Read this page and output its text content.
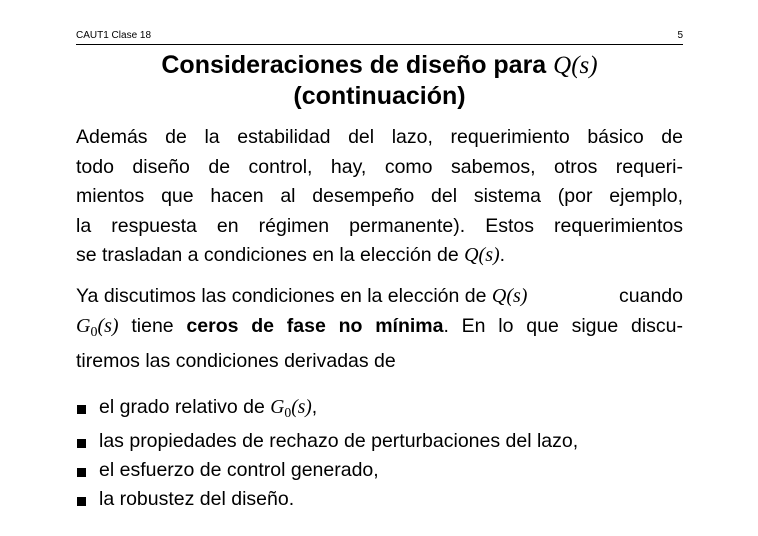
CAUT1 Clase 18	5
Consideraciones de diseño para Q(s)
(continuación)
Además de la estabilidad del lazo, requerimiento básico de
todo diseño de control, hay, como sabemos, otros requeri-
mientos que hacen al desempeño del sistema (por ejemplo,
la respuesta en régimen permanente). Estos requerimientos
se trasladan a condiciones en la elección de Q(s).
Ya discutimos las condiciones en la elección de Q(s)	cuando
$G_0(s)$ tiene ceros de fase no mínima. En lo que sigue discu-
tiremos las condiciones derivadas de
el grado relativo de $G_0(s)$,
las propiedades de rechazo de perturbaciones del lazo,
el esfuerzo de control generado,
la robustez del diseño.
